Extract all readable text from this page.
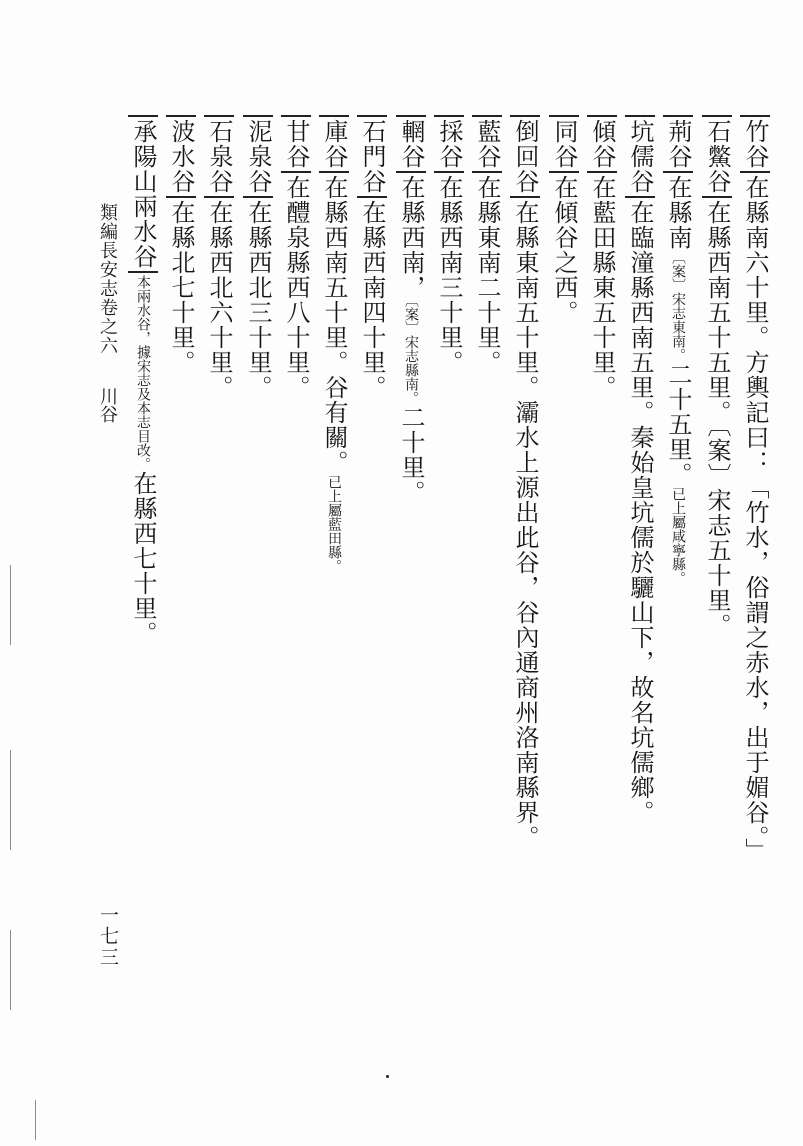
類編長安志卷之六
川谷
竹谷在縣南六十里。方輿記曰：「竹水，俗謂之赤水，出于媚谷。」
石鱉谷在縣西南五十五里。〔案〕宋志五十里。
荊谷在縣南〔案〕宋志東南。二十五里。已上屬咸寧縣。
坑儒谷在臨潼縣西南五里。秦始皇坑儒於驪山下，故名坑儒鄉。
傾谷在藍田縣東五十里。
同谷在傾谷之西。
倒回谷在縣東南五十里。灞水上源出此谷，谷內通商州洛南縣界。
藍谷在縣東南二十里。
採谷在縣西南三十里。
輞谷在縣西南，〔案〕宋志縣南。二十里。
石門谷在縣西南四十里。
庫谷在縣西南五十里。谷有關。已上屬藍田縣。
甘谷在醴泉縣西八十里。
泥泉谷在縣西北三十里。
石泉谷在縣西北六十里。
波水谷在縣北七十里。
承陽山兩水谷本兩水谷，據宋志及本志目改。在縣西七十里。
一七三
